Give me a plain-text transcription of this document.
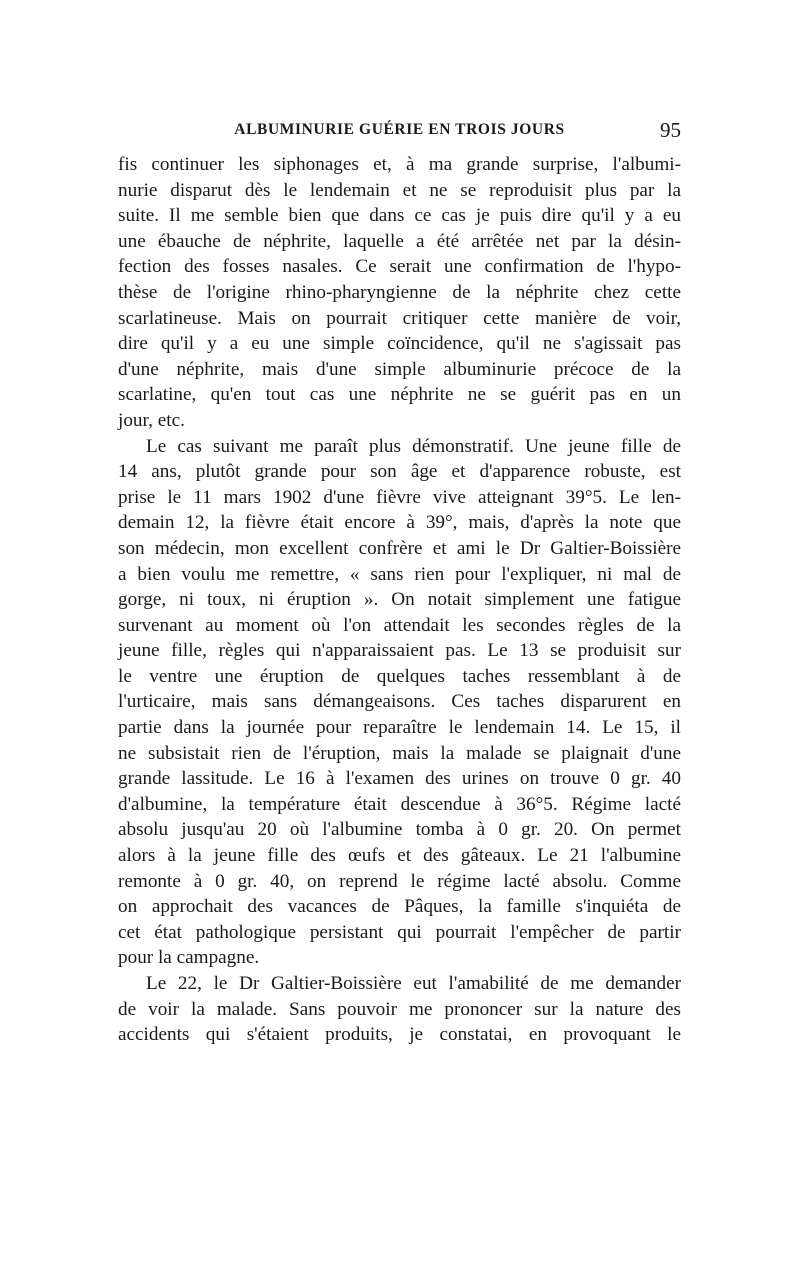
ALBUMINURIE GUÉRIE EN TROIS JOURS	95
fis continuer les siphonages et, à ma grande surprise, l'albumi-
nurie disparut dès le lendemain et ne se reproduisit plus par la
suite. Il me semble bien que dans ce cas je puis dire qu'il y a eu
une ébauche de néphrite, laquelle a été arrêtée net par la désin-
fection des fosses nasales. Ce serait une confirmation de l'hypo-
thèse de l'origine rhino-pharyngienne de la néphrite chez cette
scarlatineuse. Mais on pourrait critiquer cette manière de voir,
dire qu'il y a eu une simple coïncidence, qu'il ne s'agissait pas
d'une néphrite, mais d'une simple albuminurie précoce de la
scarlatine, qu'en tout cas une néphrite ne se guérit pas en un
jour, etc.
Le cas suivant me paraît plus démonstratif. Une jeune fille de
14 ans, plutôt grande pour son âge et d'apparence robuste, est
prise le 11 mars 1902 d'une fièvre vive atteignant 39°5. Le len-
demain 12, la fièvre était encore à 39°, mais, d'après la note que
son médecin, mon excellent confrère et ami le Dr Galtier-Boissière
a bien voulu me remettre, « sans rien pour l'expliquer, ni mal de
gorge, ni toux, ni éruption ». On notait simplement une fatigue
survenant au moment où l'on attendait les secondes règles de la
jeune fille, règles qui n'apparaissaient pas. Le 13 se produisit sur
le ventre une éruption de quelques taches ressemblant à de
l'urticaire, mais sans démangeaisons. Ces taches disparurent en
partie dans la journée pour reparaître le lendemain 14. Le 15, il
ne subsistait rien de l'éruption, mais la malade se plaignait d'une
grande lassitude. Le 16 à l'examen des urines on trouve 0 gr. 40
d'albumine, la température était descendue à 36°5. Régime lacté
absolu jusqu'au 20 où l'albumine tomba à 0 gr. 20. On permet
alors à la jeune fille des œufs et des gâteaux. Le 21 l'albumine
remonte à 0 gr. 40, on reprend le régime lacté absolu. Comme
on approchait des vacances de Pâques, la famille s'inquiéta de
cet état pathologique persistant qui pourrait l'empêcher de partir
pour la campagne.
Le 22, le Dr Galtier-Boissière eut l'amabilité de me demander
de voir la malade. Sans pouvoir me prononcer sur la nature des
accidents qui s'étaient produits, je constatai, en provoquant le
